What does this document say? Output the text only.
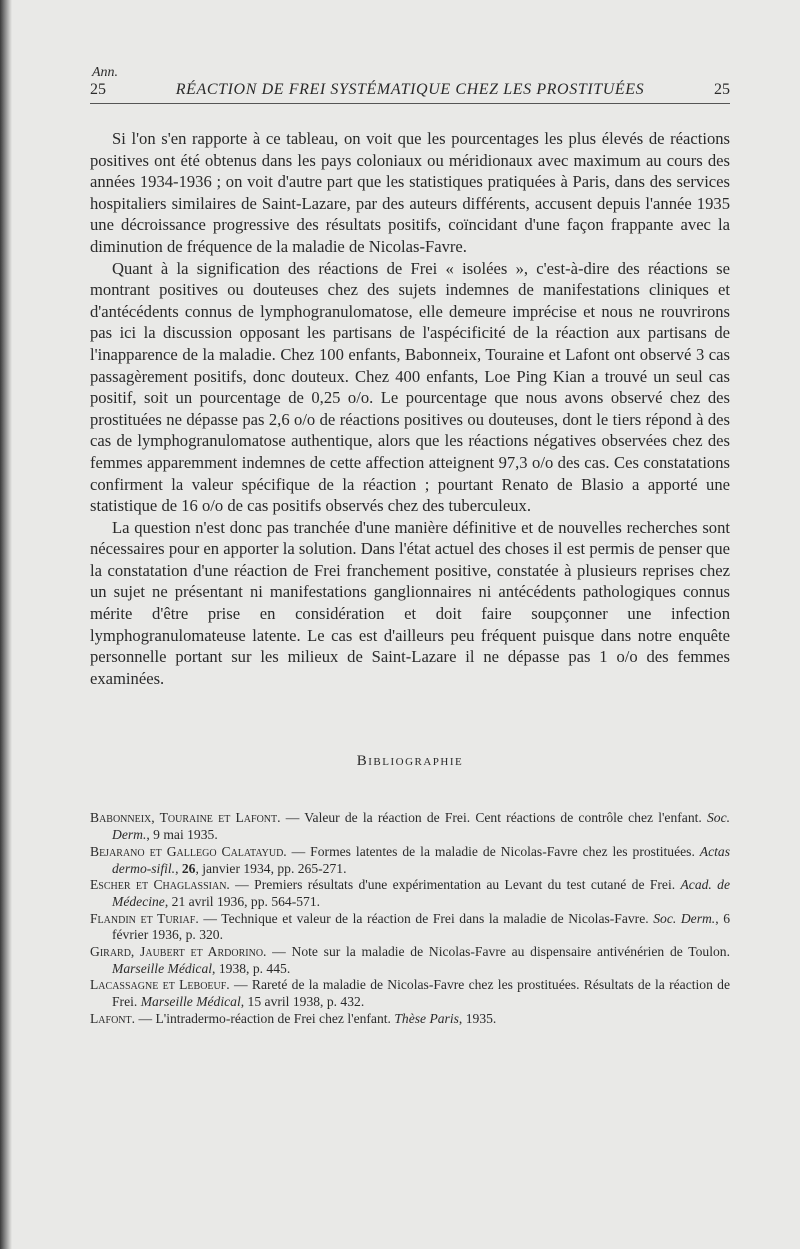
Ann.
25	RÉACTION DE FREI SYSTÉMATIQUE CHEZ LES PROSTITUÉES	25

Si l'on s'en rapporte à ce tableau, on voit que les pourcentages les plus élevés de réactions positives ont été obtenus dans les pays coloniaux ou méridionaux avec maximum au cours des années 1934-1936 ; on voit d'autre part que les statistiques pratiquées à Paris, dans des services hospitaliers similaires de Saint-Lazare, par des auteurs différents, accusent depuis l'année 1935 une décroissance progressive des résultats positifs, coïncidant d'une façon frappante avec la diminution de fréquence de la maladie de Nicolas-Favre.

Quant à la signification des réactions de Frei « isolées », c'est-à-dire des réactions se montrant positives ou douteuses chez des sujets indemnes de manifestations cliniques et d'antécédents connus de lymphogranulomatose, elle demeure imprécise et nous ne rouvrirons pas ici la discussion opposant les partisans de l'aspécificité de la réaction aux partisans de l'inapparence de la maladie. Chez 100 enfants, Babonneix, Touraine et Lafont ont observé 3 cas passagèrement positifs, donc douteux. Chez 400 enfants, Loe Ping Kian a trouvé un seul cas positif, soit un pourcentage de 0,25 o/o. Le pourcentage que nous avons observé chez des prostituées ne dépasse pas 2,6 o/o de réactions positives ou douteuses, dont le tiers répond à des cas de lymphogranulomatose authentique, alors que les réactions négatives observées chez des femmes apparemment indemnes de cette affection atteignent 97,3 o/o des cas. Ces constatations confirment la valeur spécifique de la réaction ; pourtant Renato de Blasio a apporté une statistique de 16 o/o de cas positifs observés chez des tuberculeux.

La question n'est donc pas tranchée d'une manière définitive et de nouvelles recherches sont nécessaires pour en apporter la solution. Dans l'état actuel des choses il est permis de penser que la constatation d'une réaction de Frei franchement positive, constatée à plusieurs reprises chez un sujet ne présentant ni manifestations ganglionnaires ni antécédents pathologiques connus mérite d'être prise en considération et doit faire soupçonner une infection lymphogranulomateuse latente. Le cas est d'ailleurs peu fréquent puisque dans notre enquête personnelle portant sur les milieux de Saint-Lazare il ne dépasse pas 1 o/o des femmes examinées.

Bibliographie

Babonneix, Touraine et Lafont. — Valeur de la réaction de Frei. Cent réactions de contrôle chez l'enfant. Soc. Derm., 9 mai 1935.

Bejarano et Gallego Calatayud. — Formes latentes de la maladie de Nicolas-Favre chez les prostituées. Actas dermo-sifil., 26, janvier 1934, pp. 265-271.

Escher et Chaglassian. — Premiers résultats d'une expérimentation au Levant du test cutané de Frei. Acad. de Médecine, 21 avril 1936, pp. 564-571.

Flandin et Turiaf. — Technique et valeur de la réaction de Frei dans la maladie de Nicolas-Favre. Soc. Derm., 6 février 1936, p. 320.

Girard, Jaubert et Ardorino. — Note sur la maladie de Nicolas-Favre au dispensaire antivénérien de Toulon. Marseille Médical, 1938, p. 445.

Lacassagne et Leboeuf. — Rareté de la maladie de Nicolas-Favre chez les prostituées. Résultats de la réaction de Frei. Marseille Médical, 15 avril 1938, p. 432.

Lafont. — L'intradermo-réaction de Frei chez l'enfant. Thèse Paris, 1935.
